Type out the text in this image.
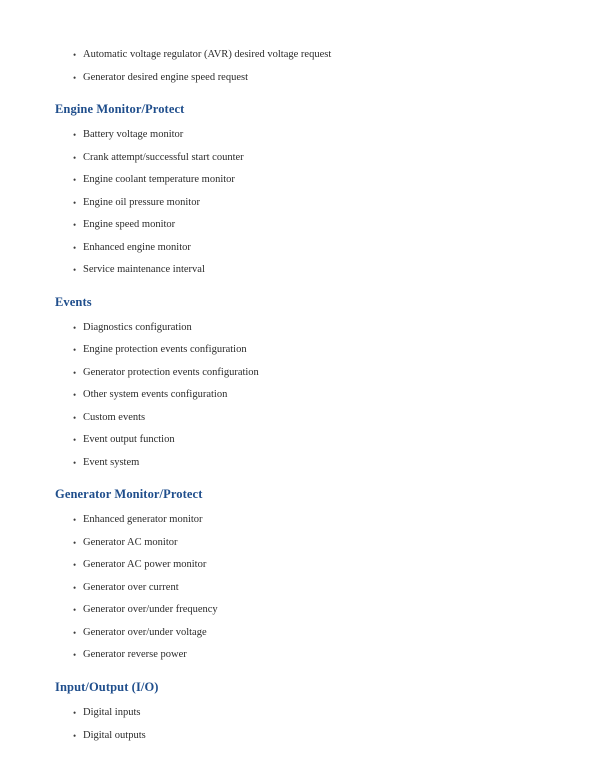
• Automatic voltage regulator (AVR) desired voltage request
• Generator desired engine speed request
Engine Monitor/Protect
• Battery voltage monitor
• Crank attempt/successful start counter
• Engine coolant temperature monitor
• Engine oil pressure monitor
• Engine speed monitor
• Enhanced engine monitor
• Service maintenance interval
Events
• Diagnostics configuration
• Engine protection events configuration
• Generator protection events configuration
• Other system events configuration
• Custom events
• Event output function
• Event system
Generator Monitor/Protect
• Enhanced generator monitor
• Generator AC monitor
• Generator AC power monitor
• Generator over current
• Generator over/under frequency
• Generator over/under voltage
• Generator reverse power
Input/Output (I/O)
• Digital inputs
• Digital outputs
